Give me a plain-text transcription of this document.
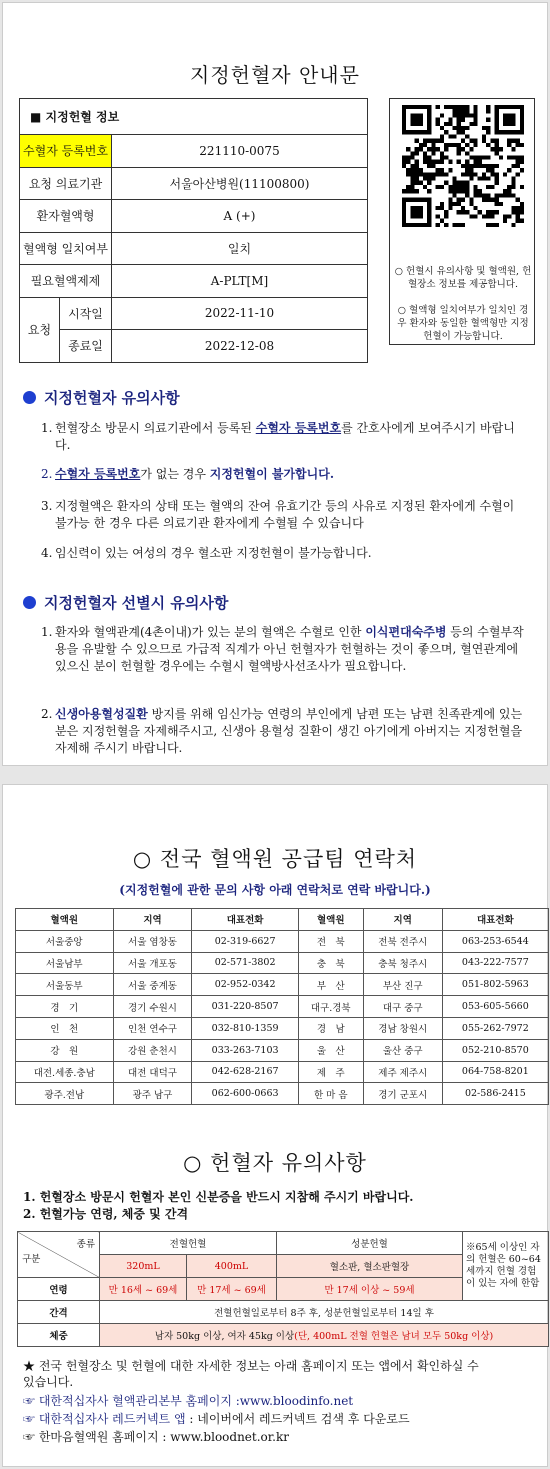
지정헌혈자 안내문
■ 지정헌혈 정보		
수혈자 등록번호		221110-0075
요청 의료기관		서울아산병원(11100800)
환자혈액형		A (+)
혈액형 일치여부		일치
필요혈액제제		A-PLT[M]
요청	시작일	2022-11-10
	종료일	2022-12-08
○ 헌혈시 유의사항 및 혈액원, 헌혈장소 정보를 제공합니다.
○ 혈액형 일치여부가 일치인 경우 환자와 동일한 혈액형만 지정헌혈이 가능합니다.
지정헌혈자 유의사항
1. 헌혈장소 방문시 의료기관에서 등록된 수혈자 등록번호를 간호사에게 보여주시기 바랍니다.
2. 수혈자 등록번호가 없는 경우 지정헌혈이 불가합니다.
3. 지정혈액은 환자의 상태 또는 혈액의 잔여 유효기간 등의 사유로 지정된 환자에게 수혈이 불가능 한 경우 다른 의료기관 환자에게 수혈될 수 있습니다
4. 임신력이 있는 여성의 경우 혈소판 지정헌혈이 불가능합니다.
지정헌혈자 선별시 유의사항
1. 환자와 혈액관계(4촌이내)가 있는 분의 혈액은 수혈로 인한 이식편대숙주병 등의 수혈부작용을 유발할 수 있으므로 가급적 직계가 아닌 헌혈자가 헌혈하는 것이 좋으며, 혈연관계에 있으신 분이 헌혈할 경우에는 수혈시 혈액방사선조사가 필요합니다.
2. 신생아용혈성질환 방지를 위해 임신가능 연령의 부인에게 남편 또는 남편 친족관계에 있는 분은 지정헌혈을 자제해주시고, 신생아 용혈성 질환이 생긴 아기에게 아버지는 지정헌혈을 자제해 주시기 바랍니다.
○ 전국 혈액원 공급팀 연락처
(지정헌혈에 관한 문의 사항 아래 연락처로 연락 바랍니다.)
혈액원	지역	대표전화	혈액원	지역	대표전화
서울중앙	서울 염창동	02-319-6627	전　북	전북 전주시	063-253-6544
서울남부	서울 개포동	02-571-3802	충　북	충북 청주시	043-222-7577
서울동부	서울 중계동	02-952-0342	부　산	부산 진구	051-802-5963
경　기	경기 수원시	031-220-8507	대구.경북	대구 중구	053-605-5660
인　천	인천 연수구	032-810-1359	경　남	경남 창원시	055-262-7972
강　원	강원 춘천시	033-263-7103	울　산	울산 중구	052-210-8570
대전.세종.충남	대전 대덕구	042-628-2167	제　주	제주 제주시	064-758-8201
광주.전남	광주 남구	062-600-0663	한 마 음	경기 군포시	02-586-2415
○ 헌혈자 유의사항
1. 헌혈장소 방문시 헌혈자 본인 신분증을 반드시 지참해 주시기 바랍니다.
2. 헌혈가능 연령, 체중 및 간격
종류
구분	전혈헌혈		성분헌혈	※65세 이상인 자의 헌혈은 60~64세까지 헌혈 경험이 있는 자에 한함
	320mL	400mL	혈소판, 혈소판혈장	
연령	만 16세 ~ 69세	만 17세 ~ 69세	만 17세 이상 ~ 59세	
간격	전혈헌혈일로부터 8주 후, 성분헌혈일로부터 14일 후			
체중	남자 50kg 이상, 여자 45kg 이상(단, 400mL 전혈 헌혈은 남녀 모두 50kg 이상)			
★ 전국 헌혈장소 및 헌혈에 대한 자세한 정보는 아래 홈페이지 또는 앱에서 확인하실 수 있습니다.
☞ 대한적십자사 혈액관리본부 홈페이지 :www.bloodinfo.net
☞ 대한적십자사 레드커넥트 앱 : 네이버에서 레드커넥트 검색 후 다운로드
☞ 한마음혈액원 홈페이지 : www.bloodnet.or.kr
